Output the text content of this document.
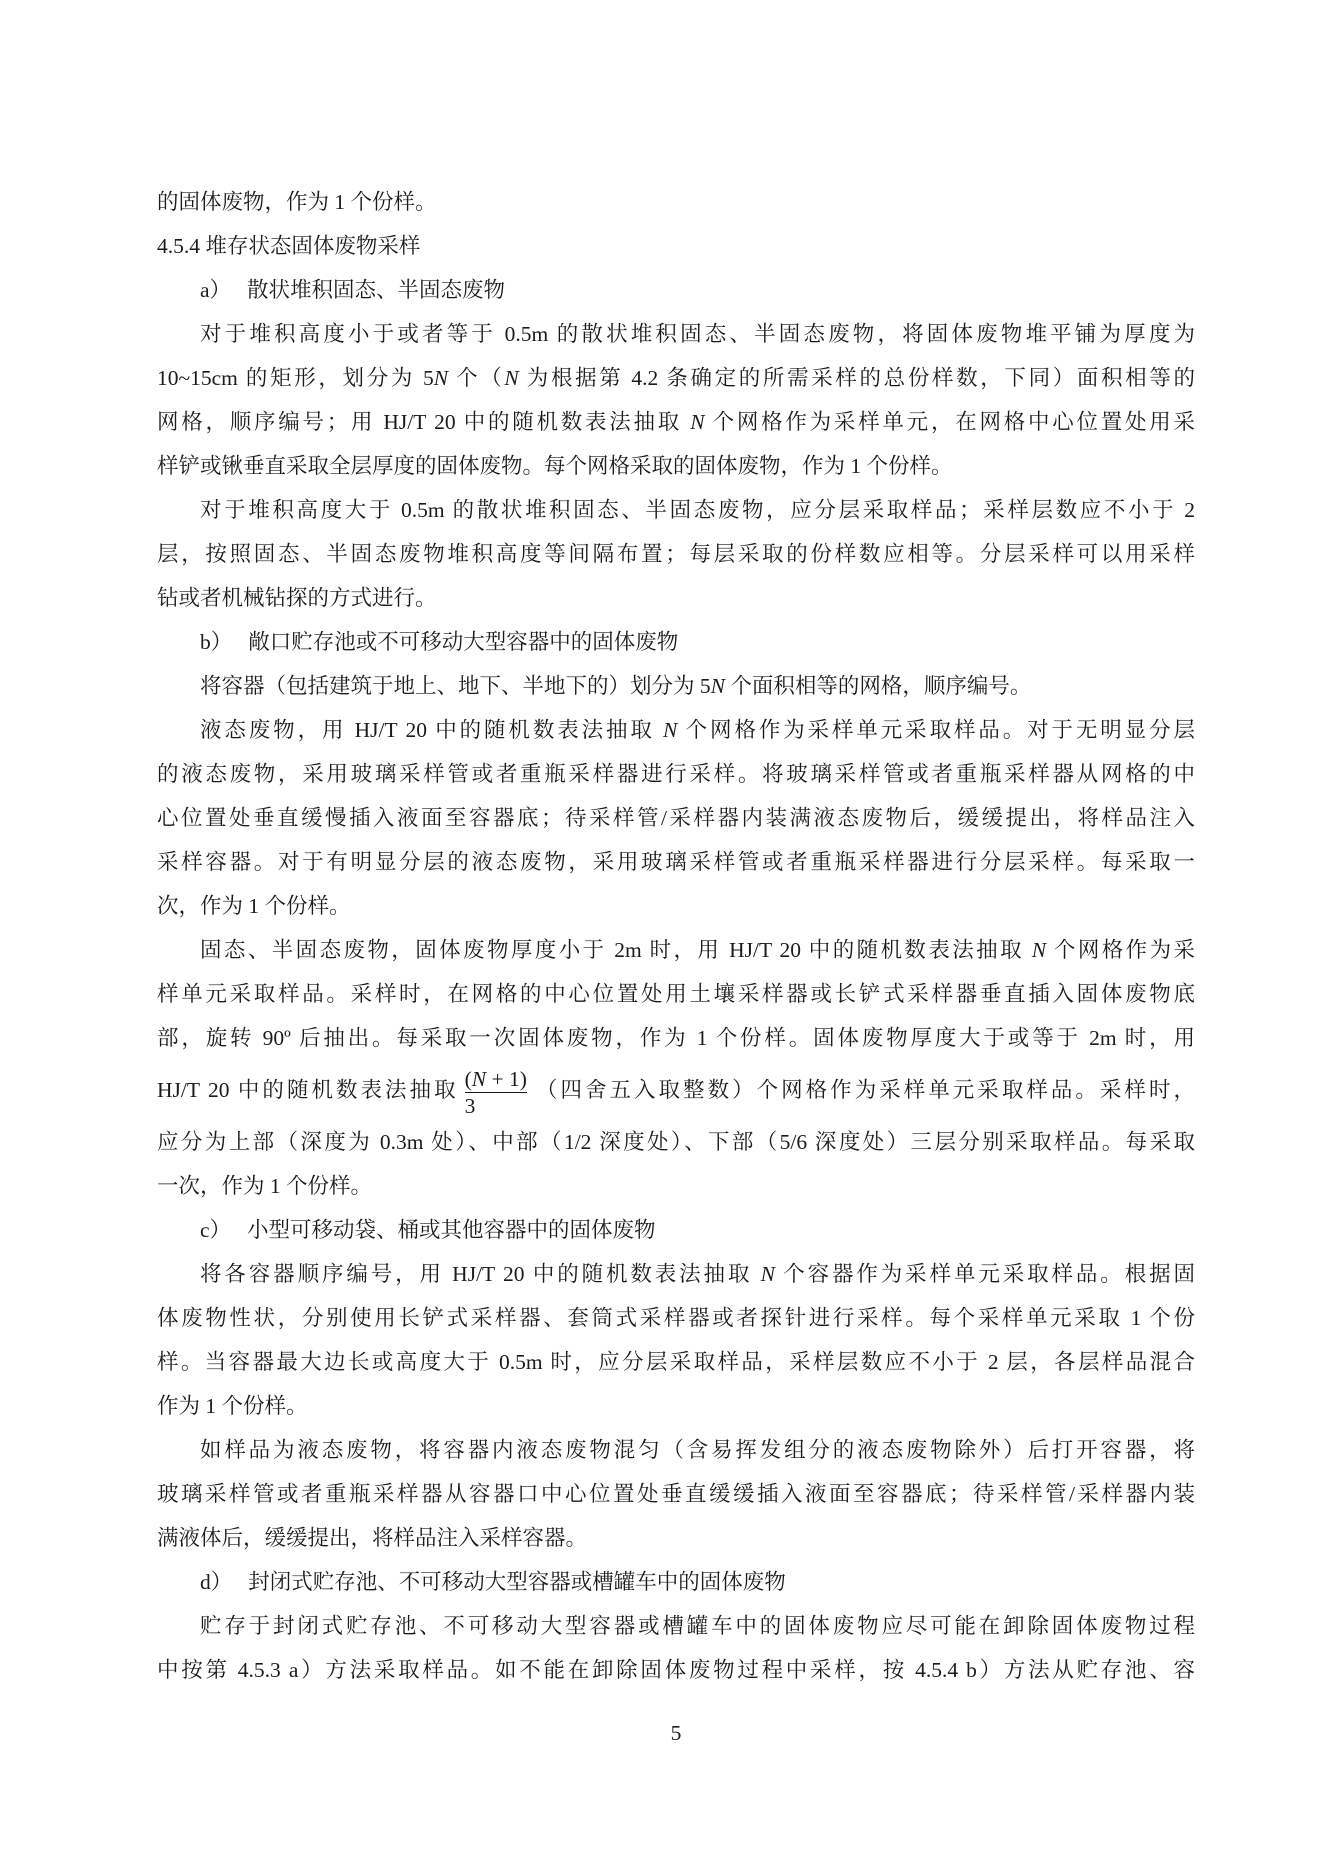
的固体废物，作为 1 个份样。
4.5.4 堆存状态固体废物采样
a） 散状堆积固态、半固态废物
对于堆积高度小于或者等于 0.5m 的散状堆积固态、半固态废物，将固体废物堆平铺为厚度为
10~15cm 的矩形，划分为 5N 个（N 为根据第 4.2 条确定的所需采样的总份样数，下同）面积相等的
网格，顺序编号；用 HJ/T 20 中的随机数表法抽取 N 个网格作为采样单元，在网格中心位置处用采
样铲或锹垂直采取全层厚度的固体废物。每个网格采取的固体废物，作为 1 个份样。
对于堆积高度大于 0.5m 的散状堆积固态、半固态废物，应分层采取样品；采样层数应不小于 2
层，按照固态、半固态废物堆积高度等间隔布置；每层采取的份样数应相等。分层采样可以用采样
钻或者机械钻探的方式进行。
b） 敞口贮存池或不可移动大型容器中的固体废物
将容器（包括建筑于地上、地下、半地下的）划分为 5N 个面积相等的网格，顺序编号。
液态废物，用 HJ/T 20 中的随机数表法抽取 N 个网格作为采样单元采取样品。对于无明显分层
的液态废物，采用玻璃采样管或者重瓶采样器进行采样。将玻璃采样管或者重瓶采样器从网格的中
心位置处垂直缓慢插入液面至容器底；待采样管/采样器内装满液态废物后，缓缓提出，将样品注入
采样容器。对于有明显分层的液态废物，采用玻璃采样管或者重瓶采样器进行分层采样。每采取一
次，作为 1 个份样。
固态、半固态废物，固体废物厚度小于 2m 时，用 HJ/T 20 中的随机数表法抽取 N 个网格作为采
样单元采取样品。采样时，在网格的中心位置处用土壤采样器或长铲式采样器垂直插入固体废物底
部，旋转 90º 后抽出。每采取一次固体废物，作为 1 个份样。固体废物厚度大于或等于 2m 时，用
HJ/T 20 中的随机数表法抽取 $\frac{(N + 1)}{3}$ （四舍五入取整数）个网格作为采样单元采取样品。采样时，
应分为上部（深度为 0.3m 处）、中部（1/2 深度处）、下部（5/6 深度处）三层分别采取样品。每采取
一次，作为 1 个份样。
c） 小型可移动袋、桶或其他容器中的固体废物
将各容器顺序编号，用 HJ/T 20 中的随机数表法抽取 N 个容器作为采样单元采取样品。根据固
体废物性状，分别使用长铲式采样器、套筒式采样器或者探针进行采样。每个采样单元采取 1 个份
样。当容器最大边长或高度大于 0.5m 时，应分层采取样品，采样层数应不小于 2 层，各层样品混合
作为 1 个份样。
如样品为液态废物，将容器内液态废物混匀（含易挥发组分的液态废物除外）后打开容器，将
玻璃采样管或者重瓶采样器从容器口中心位置处垂直缓缓插入液面至容器底；待采样管/采样器内装
满液体后，缓缓提出，将样品注入采样容器。
d） 封闭式贮存池、不可移动大型容器或槽罐车中的固体废物
贮存于封闭式贮存池、不可移动大型容器或槽罐车中的固体废物应尽可能在卸除固体废物过程
中按第 4.5.3 a）方法采取样品。如不能在卸除固体废物过程中采样，按 4.5.4 b）方法从贮存池、容
5
